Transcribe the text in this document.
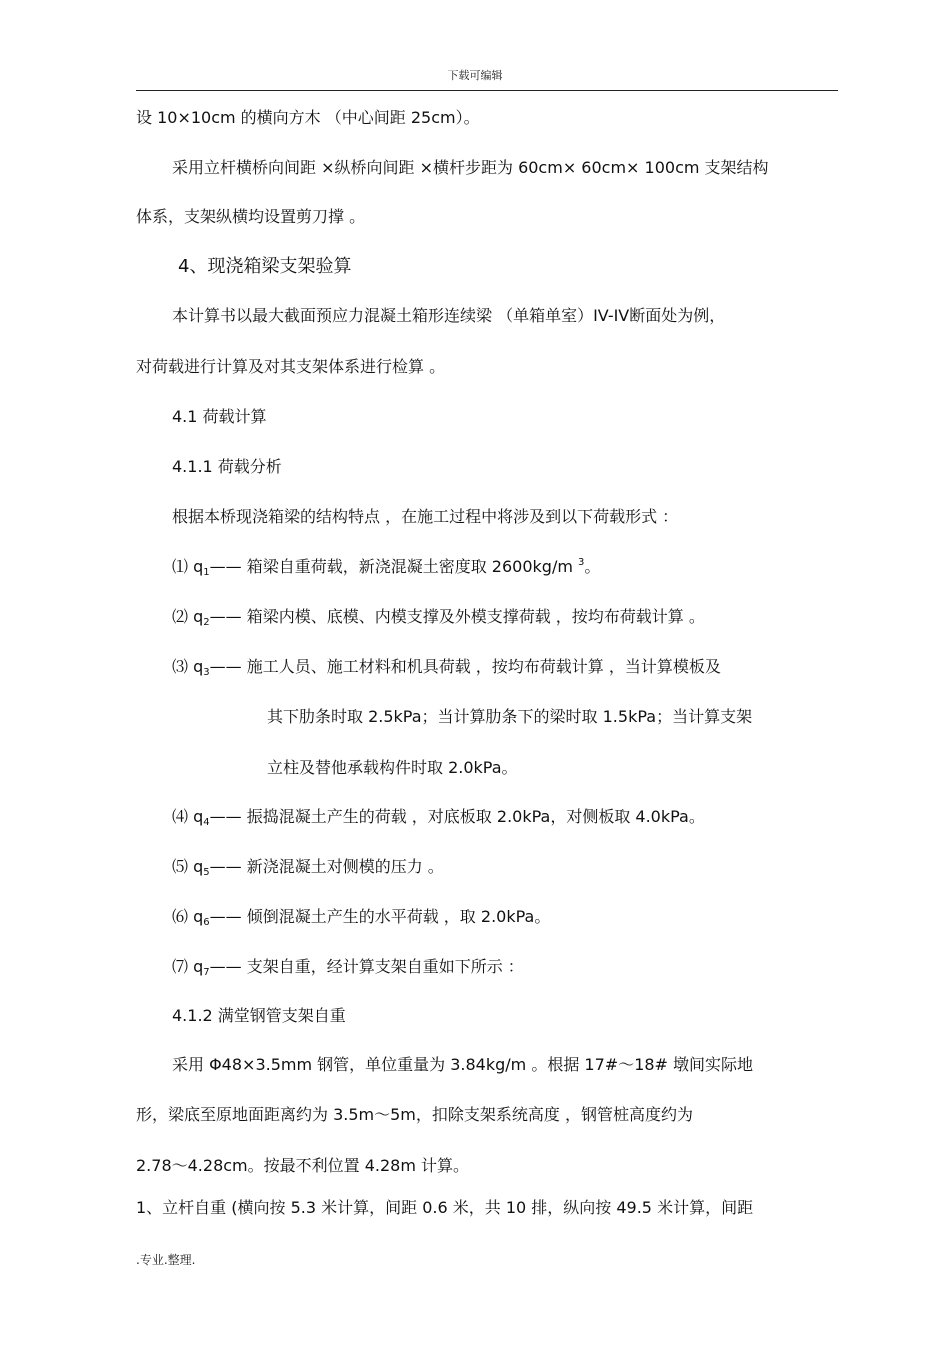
下载可编辑
设 10×10cm 的横向方木 （中心间距 25cm）。
采用立杆横桥向间距 ×纵桥向间距 ×横杆步距为 60cm× 60cm× 100cm 支架结构
体系，支架纵横均设置剪刀撑 。
4、现浇箱梁支架验算
本计算书以最大截面预应力混凝土箱形连续梁 （单箱单室）IV-IV断面处为例，
对荷载进行计算及对其支架体系进行检算 。
4.1 荷载计算
4.1.1 荷载分析
根据本桥现浇箱梁的结构特点 ，在施工过程中将涉及到以下荷载形式 ：
⑴ $q_1——$ 箱梁自重荷载，新浇混凝土密度取 2600kg/m $^3$。
⑵ $q_2——$ 箱梁内模、底模、内模支撑及外模支撑荷载 ，按均布荷载计算 。
⑶ $q_3——$ 施工人员、施工材料和机具荷载 ，按均布荷载计算 ，当计算模板及
其下肋条时取 2.5kPa；当计算肋条下的梁时取 1.5kPa；当计算支架
立柱及替他承载构件时取 2.0kPa。
⑷ $q_4——$ 振捣混凝土产生的荷载 ，对底板取 2.0kPa，对侧板取 4.0kPa。
⑸ $q_5——$ 新浇混凝土对侧模的压力 。
⑹ $q_6——$ 倾倒混凝土产生的水平荷载 ，取 2.0kPa。
⑺ $q_7——$ 支架自重，经计算支架自重如下所示 ：
4.1.2 满堂钢管支架自重
采用 Φ48×3.5mm 钢管，单位重量为 3.84kg/m 。根据 17#～18# 墩间实际地
形，梁底至原地面距离约为 3.5m～5m，扣除支架系统高度 ，钢管桩高度约为
2.78～4.28cm。按最不利位置 4.28m 计算。
1、立杆自重 (横向按 5.3 米计算，间距 0.6 米，共 10 排，纵向按 49.5 米计算，间距
.专业.整理.
